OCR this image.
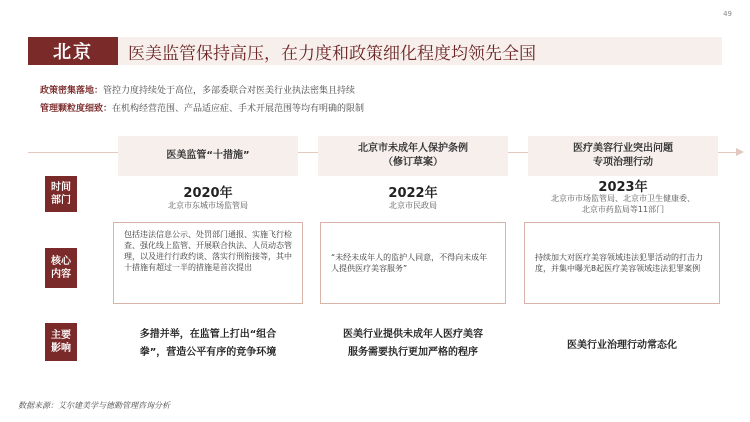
49
北京	医美监管保持高压，在力度和政策细化程度均领先全国
政策密集落地：管控力度持续处于高位，多部委联合对医美行业执法密集且持续
管理颗粒度细致：在机构经营范围、产品适应症、手术开展范围等均有明确的限制
医美监管“十措施”
北京市未成年人保护条例
（修订草案）
医疗美容行业突出问题
专项治理行动
时间
部门
核心
内容
主要
影响
2020年
北京市东城市场监管局
包括违法信息公示、处罚部门通报、实施飞行检查、强化线上监管、开展联合执法、人员动态管理，以及进行行政约谈、落实行刑衔接等，其中十措施有超过一半的措施是首次提出
多措并举，在监管上打出“组合
拳”，营造公平有序的竞争环境
2022年
北京市民政局
“未经未成年人的监护人同意，不得向未成年人提供医疗美容服务”
医美行业提供未成年人医疗美容
服务需要执行更加严格的程序
2023年
北京市市场监管局、北京市卫生健康委、
北京市药监局等11部门
持续加大对医疗美容领域违法犯罪活动的打击力度，并集中曝光8起医疗美容领域违法犯罪案例
医美行业治理行动常态化
数据来源：艾尔建美学与德勤管理咨询分析
